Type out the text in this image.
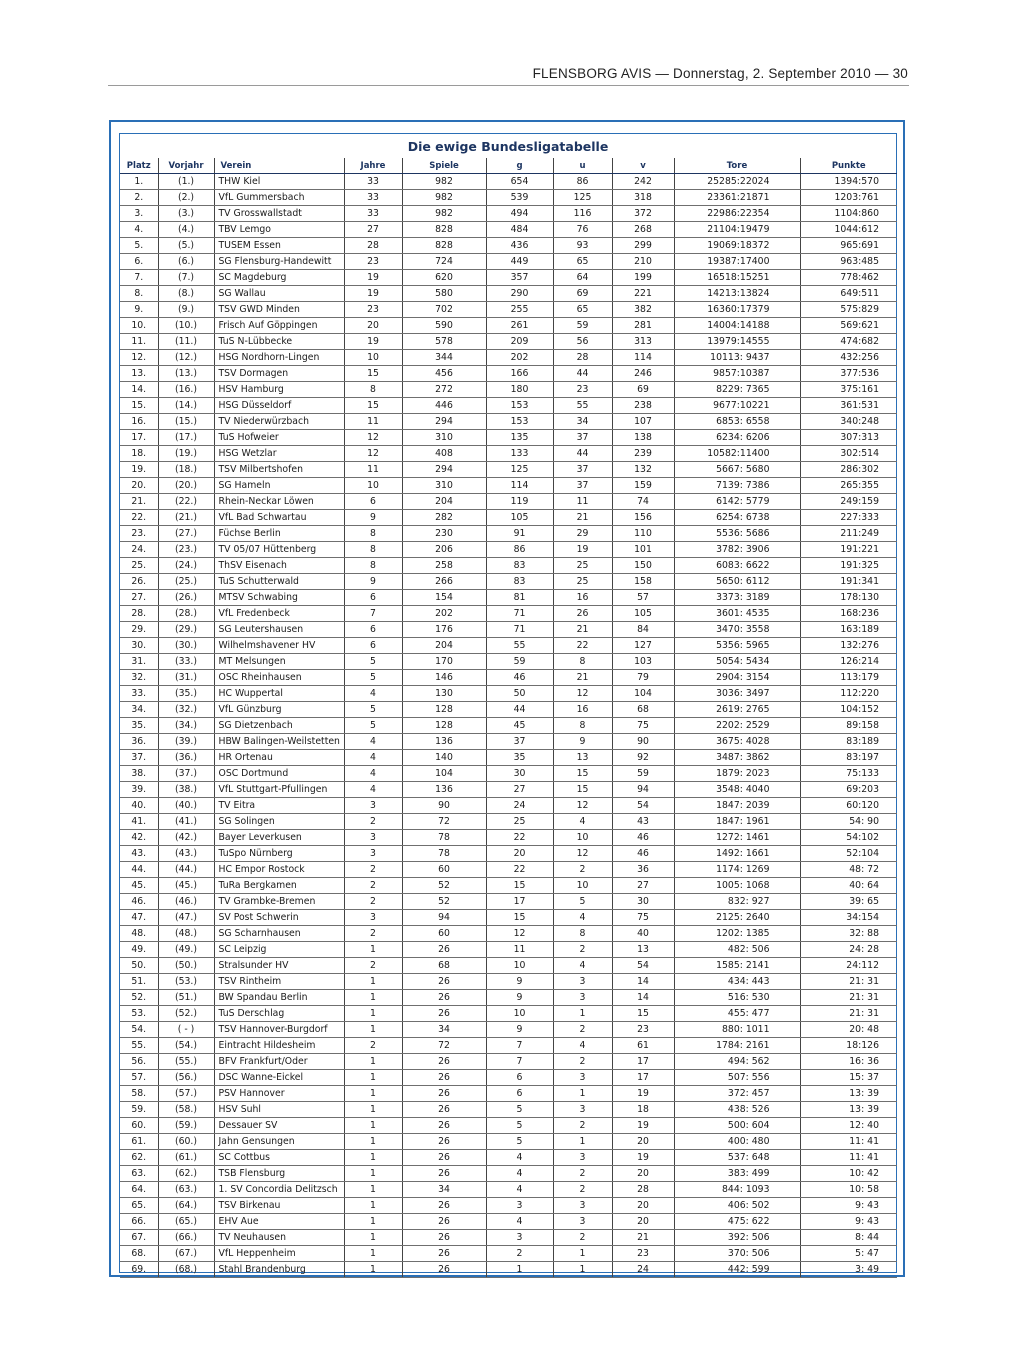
FLENSBORG AVIS — Donnerstag, 2. September 2010 — 30
Die ewige Bundesligatabelle
Platz	Vorjahr	Verein	Jahre	Spiele	g	u	v	Tore	Punkte
1.	(1.)	THW Kiel	33	982	654	86	242	25285:22024	1394:570
2.	(2.)	VfL Gummersbach	33	982	539	125	318	23361:21871	1203:761
3.	(3.)	TV Grosswallstadt	33	982	494	116	372	22986:22354	1104:860
4.	(4.)	TBV Lemgo	27	828	484	76	268	21104:19479	1044:612
5.	(5.)	TUSEM Essen	28	828	436	93	299	19069:18372	965:691
6.	(6.)	SG Flensburg-Handewitt	23	724	449	65	210	19387:17400	963:485
7.	(7.)	SC Magdeburg	19	620	357	64	199	16518:15251	778:462
8.	(8.)	SG Wallau	19	580	290	69	221	14213:13824	649:511
9.	(9.)	TSV GWD Minden	23	702	255	65	382	16360:17379	575:829
10.	(10.)	Frisch Auf Göppingen	20	590	261	59	281	14004:14188	569:621
11.	(11.)	TuS N-Lübbecke	19	578	209	56	313	13979:14555	474:682
12.	(12.)	HSG Nordhorn-Lingen	10	344	202	28	114	10113: 9437	432:256
13.	(13.)	TSV Dormagen	15	456	166	44	246	9857:10387	377:536
14.	(16.)	HSV Hamburg	8	272	180	23	69	8229: 7365	375:161
15.	(14.)	HSG Düsseldorf	15	446	153	55	238	9677:10221	361:531
16.	(15.)	TV Niederwürzbach	11	294	153	34	107	6853: 6558	340:248
17.	(17.)	TuS Hofweier	12	310	135	37	138	6234: 6206	307:313
18.	(19.)	HSG Wetzlar	12	408	133	44	239	10582:11400	302:514
19.	(18.)	TSV Milbertshofen	11	294	125	37	132	5667: 5680	286:302
20.	(20.)	SG Hameln	10	310	114	37	159	7139: 7386	265:355
21.	(22.)	Rhein-Neckar Löwen	6	204	119	11	74	6142: 5779	249:159
22.	(21.)	VfL Bad Schwartau	9	282	105	21	156	6254: 6738	227:333
23.	(27.)	Füchse Berlin	8	230	91	29	110	5536: 5686	211:249
24.	(23.)	TV 05/07 Hüttenberg	8	206	86	19	101	3782: 3906	191:221
25.	(24.)	ThSV Eisenach	8	258	83	25	150	6083: 6622	191:325
26.	(25.)	TuS Schutterwald	9	266	83	25	158	5650: 6112	191:341
27.	(26.)	MTSV Schwabing	6	154	81	16	57	3373: 3189	178:130
28.	(28.)	VfL Fredenbeck	7	202	71	26	105	3601: 4535	168:236
29.	(29.)	SG Leutershausen	6	176	71	21	84	3470: 3558	163:189
30.	(30.)	Wilhelmshavener HV	6	204	55	22	127	5356: 5965	132:276
31.	(33.)	MT Melsungen	5	170	59	8	103	5054: 5434	126:214
32.	(31.)	OSC Rheinhausen	5	146	46	21	79	2904: 3154	113:179
33.	(35.)	HC Wuppertal	4	130	50	12	104	3036: 3497	112:220
34.	(32.)	VfL Günzburg	5	128	44	16	68	2619: 2765	104:152
35.	(34.)	SG Dietzenbach	5	128	45	8	75	2202: 2529	89:158
36.	(39.)	HBW Balingen-Weilstetten	4	136	37	9	90	3675: 4028	83:189
37.	(36.)	HR Ortenau	4	140	35	13	92	3487: 3862	83:197
38.	(37.)	OSC Dortmund	4	104	30	15	59	1879: 2023	75:133
39.	(38.)	VfL Stuttgart-Pfullingen	4	136	27	15	94	3548: 4040	69:203
40.	(40.)	TV Eitra	3	90	24	12	54	1847: 2039	60:120
41.	(41.)	SG Solingen	2	72	25	4	43	1847: 1961	54: 90
42.	(42.)	Bayer Leverkusen	3	78	22	10	46	1272: 1461	54:102
43.	(43.)	TuSpo Nürnberg	3	78	20	12	46	1492: 1661	52:104
44.	(44.)	HC Empor Rostock	2	60	22	2	36	1174: 1269	48: 72
45.	(45.)	TuRa Bergkamen	2	52	15	10	27	1005: 1068	40: 64
46.	(46.)	TV Grambke-Bremen	2	52	17	5	30	832: 927	39: 65
47.	(47.)	SV Post Schwerin	3	94	15	4	75	2125: 2640	34:154
48.	(48.)	SG Scharnhausen	2	60	12	8	40	1202: 1385	32: 88
49.	(49.)	SC Leipzig	1	26	11	2	13	482: 506	24: 28
50.	(50.)	Stralsunder HV	2	68	10	4	54	1585: 2141	24:112
51.	(53.)	TSV Rintheim	1	26	9	3	14	434: 443	21: 31
52.	(51.)	BW Spandau Berlin	1	26	9	3	14	516: 530	21: 31
53.	(52.)	TuS Derschlag	1	26	10	1	15	455: 477	21: 31
54.	( - )	TSV Hannover-Burgdorf	1	34	9	2	23	880: 1011	20: 48
55.	(54.)	Eintracht Hildesheim	2	72	7	4	61	1784: 2161	18:126
56.	(55.)	BFV Frankfurt/Oder	1	26	7	2	17	494: 562	16: 36
57.	(56.)	DSC Wanne-Eickel	1	26	6	3	17	507: 556	15: 37
58.	(57.)	PSV Hannover	1	26	6	1	19	372: 457	13: 39
59.	(58.)	HSV Suhl	1	26	5	3	18	438: 526	13: 39
60.	(59.)	Dessauer SV	1	26	5	2	19	500: 604	12: 40
61.	(60.)	Jahn Gensungen	1	26	5	1	20	400: 480	11: 41
62.	(61.)	SC Cottbus	1	26	4	3	19	537: 648	11: 41
63.	(62.)	TSB Flensburg	1	26	4	2	20	383: 499	10: 42
64.	(63.)	1. SV Concordia Delitzsch	1	34	4	2	28	844: 1093	10: 58
65.	(64.)	TSV Birkenau	1	26	3	3	20	406: 502	9: 43
66.	(65.)	EHV Aue	1	26	4	3	20	475: 622	9: 43
67.	(66.)	TV Neuhausen	1	26	3	2	21	392: 506	8: 44
68.	(67.)	VfL Heppenheim	1	26	2	1	23	370: 506	5: 47
69.	(68.)	Stahl Brandenburg	1	26	1	1	24	442: 599	3: 49
